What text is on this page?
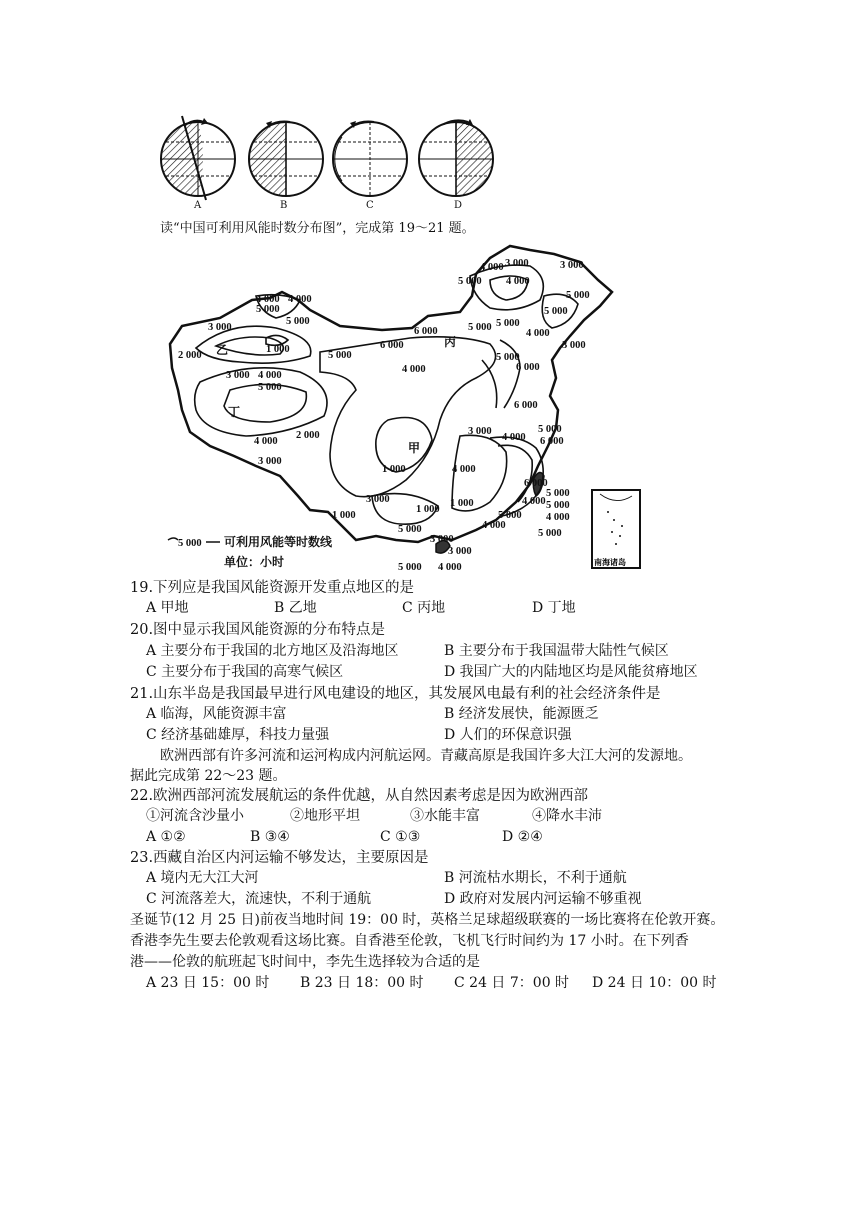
A	B	C	D
读“中国可利用风能时数分布图”，完成第 19～21 题。
3 000	3 000
4 000
5 000 4 000
5 000
5 000
4 000 4 000
5 000
5 000
3 000	6 000	5 000 5 000
4 000
3 000
1 000
2 000	5 000
6 000
5 000
6 000
4 000
3 000 4 000
5 000
6 000
3 000
4 000
5 000
6 000
2 000
4 000
3 000
1 000	4 000
3 000	1 000
1 000
1 000
6 000
5 000
4 000
5 000
5 000
4 000
4 000
5 000
5 000
3 000
3 000
5 000 4 000
乙
丁
甲
丙
5 000 可利用风能等时数线
单位：小时	南海诸岛
19.下列应是我国风能资源开发重点地区的是
A 甲地	B 乙地	C 丙地	D 丁地
20.图中显示我国风能资源的分布特点是
A 主要分布于我国的北方地区及沿海地区	B 主要分布于我国温带大陆性气候区
C 主要分布于我国的高寒气候区	D 我国广大的内陆地区均是风能贫瘠地区
21.山东半岛是我国最早进行风电建设的地区，其发展风电最有利的社会经济条件是
A 临海，风能资源丰富	B 经济发展快，能源匮乏
C 经济基础雄厚，科技力量强	D 人们的环保意识强
欧洲西部有许多河流和运河构成内河航运网。青藏高原是我国许多大江大河的发源地。
据此完成第 22～23 题。
22.欧洲西部河流发展航运的条件优越，从自然因素考虑是因为欧洲西部
①河流含沙量小	②地形平坦	③水能丰富	④降水丰沛
A ①②	B ③④	C ①③	D ②④
23.西藏自治区内河运输不够发达，主要原因是
A 境内无大江大河	B 河流枯水期长，不利于通航
C 河流落差大，流速快，不利于通航	D 政府对发展内河运输不够重视
圣诞节(12 月 25 日)前夜当地时间 19：00 时，英格兰足球超级联赛的一场比赛将在伦敦开赛。
香港李先生要去伦敦观看这场比赛。自香港至伦敦，飞机飞行时间约为 17 小时。在下列香
港——伦敦的航班起飞时间中，李先生选择较为合适的是
A 23 日 15：00 时 B 23 日 18：00 时 C 24 日 7：00 时 D 24 日 10：00 时
